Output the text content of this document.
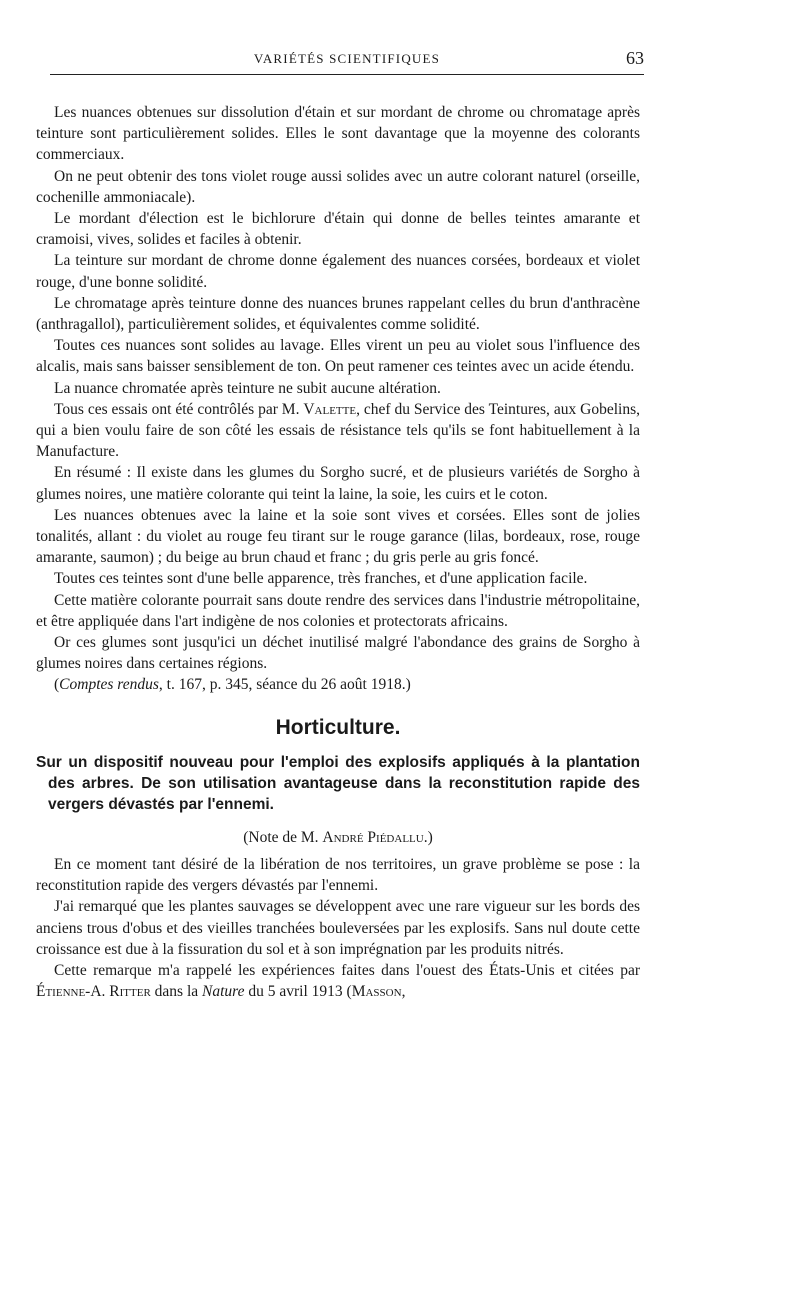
VARIÉTÉS SCIENTIFIQUES	63

Les nuances obtenues sur dissolution d'étain et sur mordant de chrome ou chromatage après teinture sont particulièrement solides. Elles le sont davantage que la moyenne des colorants commerciaux.

On ne peut obtenir des tons violet rouge aussi solides avec un autre colorant naturel (orseille, cochenille ammoniacale).

Le mordant d'élection est le bichlorure d'étain qui donne de belles teintes amarante et cramoisi, vives, solides et faciles à obtenir.

La teinture sur mordant de chrome donne également des nuances corsées, bordeaux et violet rouge, d'une bonne solidité.

Le chromatage après teinture donne des nuances brunes rappelant celles du brun d'anthracène (anthragallol), particulièrement solides, et équivalentes comme solidité.

Toutes ces nuances sont solides au lavage. Elles virent un peu au violet sous l'influence des alcalis, mais sans baisser sensiblement de ton. On peut ramener ces teintes avec un acide étendu.

La nuance chromatée après teinture ne subit aucune altération.

Tous ces essais ont été contrôlés par M. Valette, chef du Service des Teintures, aux Gobelins, qui a bien voulu faire de son côté les essais de résistance tels qu'ils se font habituellement à la Manufacture.

En résumé : Il existe dans les glumes du Sorgho sucré, et de plusieurs variétés de Sorgho à glumes noires, une matière colorante qui teint la laine, la soie, les cuirs et le coton.

Les nuances obtenues avec la laine et la soie sont vives et corsées. Elles sont de jolies tonalités, allant : du violet au rouge feu tirant sur le rouge garance (lilas, bordeaux, rose, rouge amarante, saumon) ; du beige au brun chaud et franc ; du gris perle au gris foncé.

Toutes ces teintes sont d'une belle apparence, très franches, et d'une application facile.

Cette matière colorante pourrait sans doute rendre des services dans l'industrie métropolitaine, et être appliquée dans l'art indigène de nos colonies et protectorats africains.

Or ces glumes sont jusqu'ici un déchet inutilisé malgré l'abondance des grains de Sorgho à glumes noires dans certaines régions.

(Comptes rendus, t. 167, p. 345, séance du 26 août 1918.)

Horticulture.
Sur un dispositif nouveau pour l'emploi des explosifs appliqués à la plantation des arbres. De son utilisation avantageuse dans la reconstitution rapide des vergers dévastés par l'ennemi.
(Note de M. André Piédallu.)

En ce moment tant désiré de la libération de nos territoires, un grave problème se pose : la reconstitution rapide des vergers dévastés par l'ennemi.

J'ai remarqué que les plantes sauvages se développent avec une rare vigueur sur les bords des anciens trous d'obus et des vieilles tranchées bouleversées par les explosifs. Sans nul doute cette croissance est due à la fissuration du sol et à son imprégnation par les produits nitrés.

Cette remarque m'a rappelé les expériences faites dans l'ouest des États-Unis et citées par Étienne-A. Ritter dans la Nature du 5 avril 1913 (Masson,
